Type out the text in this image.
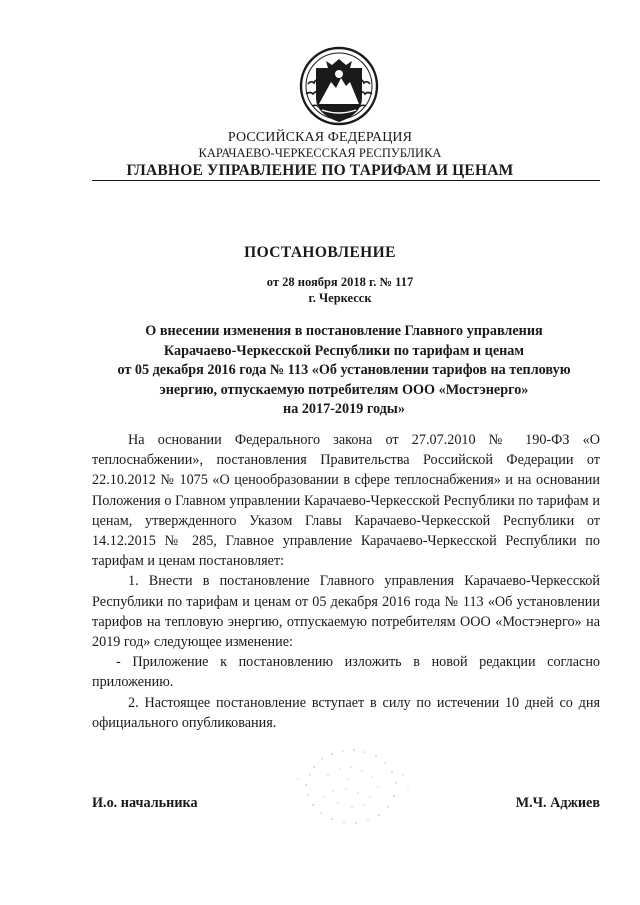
РОССИЙСКАЯ ФЕДЕРАЦИЯ
КАРАЧАЕВО-ЧЕРКЕССКАЯ РЕСПУБЛИКА
ГЛАВНОЕ УПРАВЛЕНИЕ ПО ТАРИФАМ И ЦЕНАМ
ПОСТАНОВЛЕНИЕ
от 28 ноября 2018 г. № 117
г. Черкесск
О внесении изменения в постановление Главного управления
Карачаево-Черкесской Республики по тарифам и ценам
от 05 декабря 2016 года № 113 «Об установлении тарифов на тепловую
энергию, отпускаемую потребителям ООО «Мостэнерго»
на 2017-2019 годы»

На основании Федерального закона от 27.07.2010 № 190-ФЗ «О теплоснабжении», постановления Правительства Российской Федерации от 22.10.2012 № 1075 «О ценообразовании в сфере теплоснабжения» и на основании Положения о Главном управлении Карачаево-Черкесской Республики по тарифам и ценам, утвержденного Указом Главы Карачаево-Черкесской Республики от 14.12.2015 № 285, Главное управление Карачаево-Черкесской Республики по тарифам и ценам постановляет:

1. Внести в постановление Главного управления Карачаево-Черкесской Республики по тарифам и ценам от 05 декабря 2016 года № 113 «Об установлении тарифов на тепловую энергию, отпускаемую потребителям ООО «Мостэнерго» на 2019 год» следующее изменение:

- Приложение к постановлению изложить в новой редакции согласно приложению.

2. Настоящее постановление вступает в силу по истечении 10 дней со дня официального опубликования.

И.о. начальника	М.Ч. Аджиев
